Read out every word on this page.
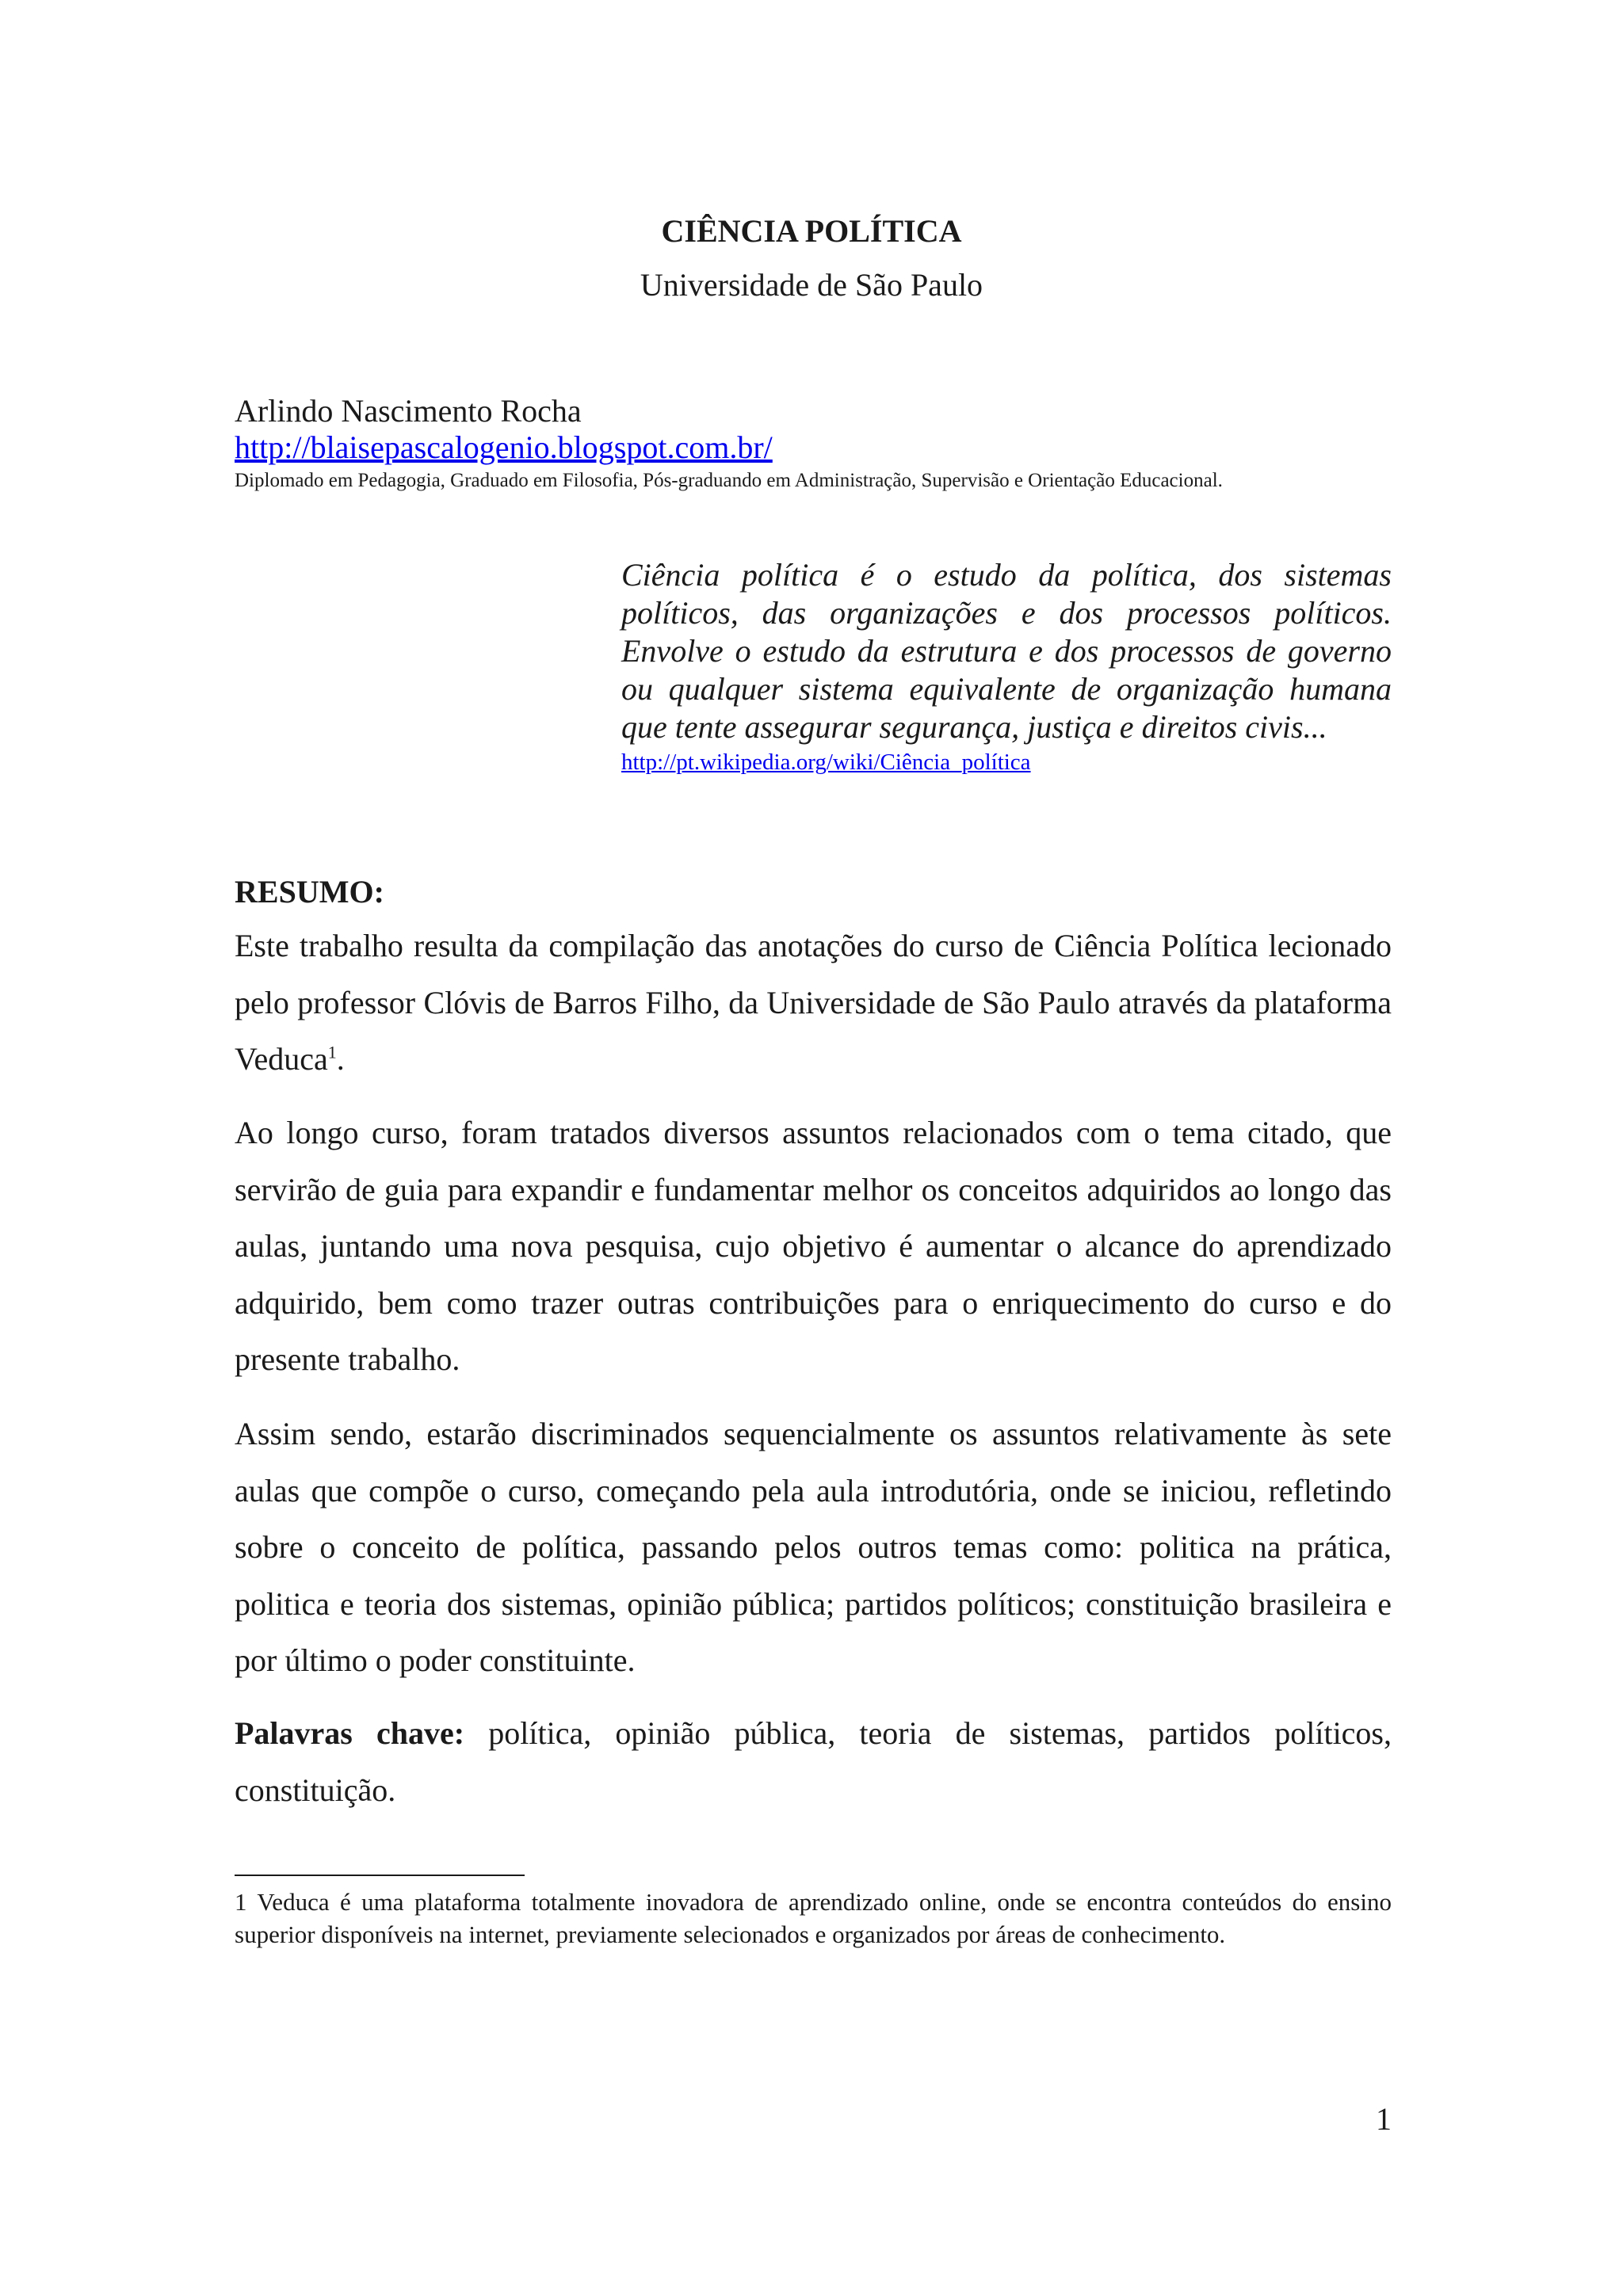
CIÊNCIA POLÍTICA
Universidade de São Paulo
Arlindo Nascimento Rocha
http://blaisepascalogenio.blogspot.com.br/
Diplomado em Pedagogia, Graduado em Filosofia, Pós-graduando em Administração, Supervisão e Orientação Educacional.
Ciência política é o estudo da política, dos sistemas políticos, das organizações e dos processos políticos. Envolve o estudo da estrutura e dos processos de governo ou qualquer sistema equivalente de organização humana que tente assegurar segurança, justiça e direitos civis...
http://pt.wikipedia.org/wiki/Ciência_política
RESUMO:

Este trabalho resulta da compilação das anotações do curso de Ciência Política lecionado pelo professor Clóvis de Barros Filho, da Universidade de São Paulo através da plataforma Veduca$^1$.

Ao longo curso, foram tratados diversos assuntos relacionados com o tema citado, que servirão de guia para expandir e fundamentar melhor os conceitos adquiridos ao longo das aulas, juntando uma nova pesquisa, cujo objetivo é aumentar o alcance do aprendizado adquirido, bem como trazer outras contribuições para o enriquecimento do curso e do presente trabalho.

Assim sendo, estarão discriminados sequencialmente os assuntos relativamente às sete aulas que compõe o curso, começando pela aula introdutória, onde se iniciou, refletindo sobre o conceito de política, passando pelos outros temas como: politica na prática, politica e teoria dos sistemas, opinião pública; partidos políticos; constituição brasileira e por último o poder constituinte.

Palavras chave: política, opinião pública, teoria de sistemas, partidos políticos, constituição.

1 Veduca é uma plataforma totalmente inovadora de aprendizado online, onde se encontra conteúdos do ensino superior disponíveis na internet, previamente selecionados e organizados por áreas de conhecimento.
1
